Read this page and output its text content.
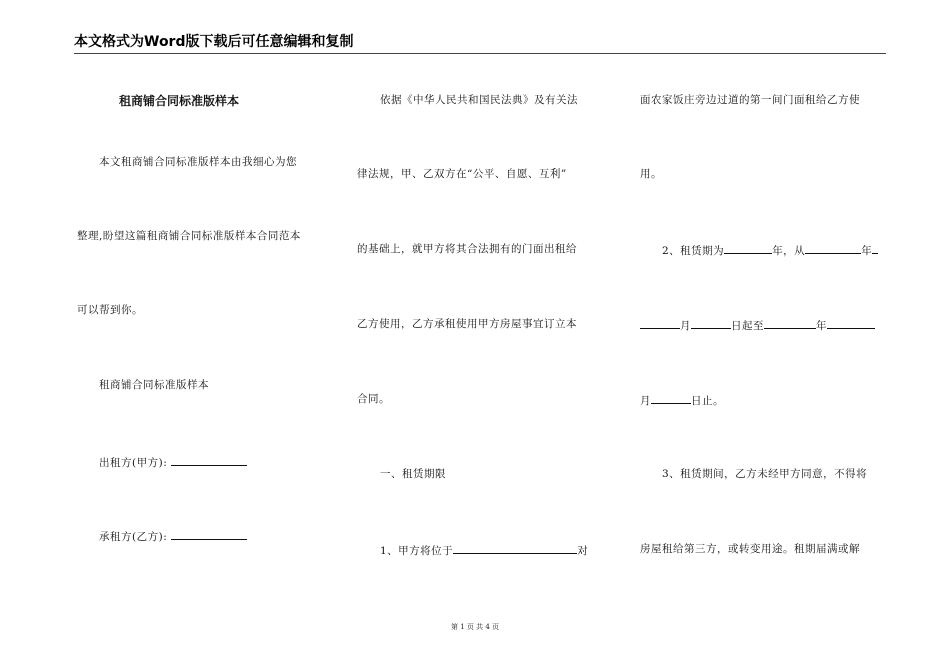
本文格式为Word版下载后可任意编辑和复制
租商铺合同标准版样本
本文租商铺合同标准版样本由我细心为您
整理,盼望这篇租商铺合同标准版样本合同范本
可以帮到你。
租商铺合同标准版样本
出租方(甲方):
承租方(乙方):
依据《中华人民共和国民法典》及有关法
律法规，甲、乙双方在“公平、自愿、互利”
的基础上，就甲方将其合法拥有的门面出租给
乙方使用，乙方承租使用甲方房屋事宜订立本
合同。
一、租赁期限
1、甲方将位于	对
面农家饭庄旁边过道的第一间门面租给乙方使
用。
2、租赁期为	年，从	年
月	日起至	年
月	日止。
3、租赁期间，乙方未经甲方同意，不得将
房屋租给第三方，或转变用途。租期届满或解
第 1 页 共 4 页
